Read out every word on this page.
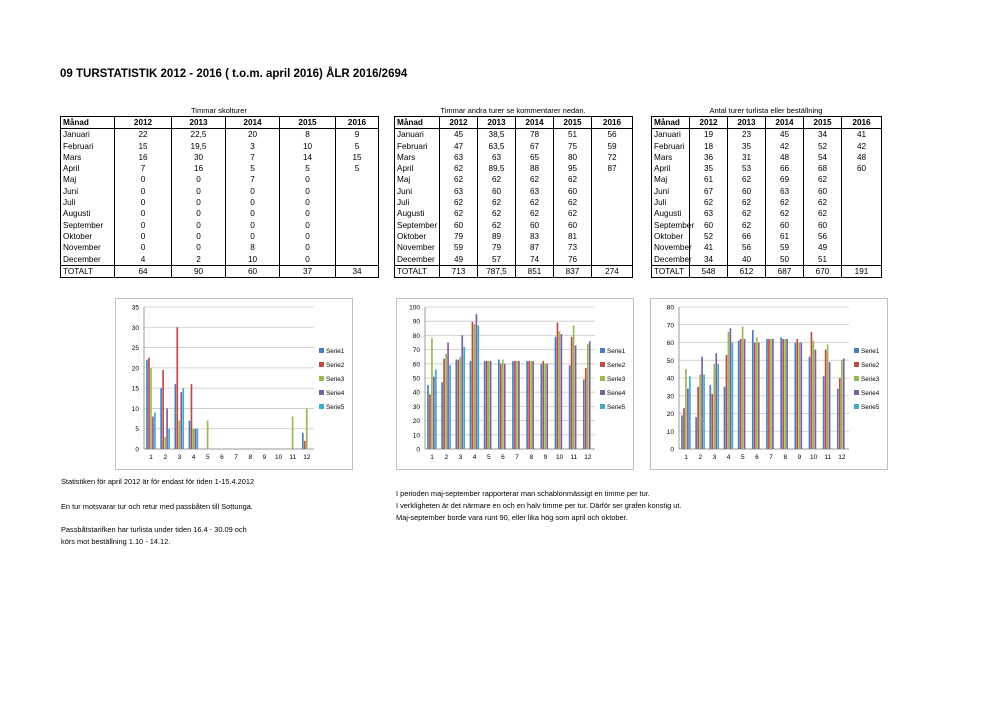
09 TURSTATISTIK 2012 - 2016 ( t.o.m. april 2016) ÅLR 2016/2694
Timmar skolturer	Timmar andra turer se kommentarer nedan.	Antal turer turlista eller beställning
Månad	2012	2013	2014	2015	2016
Januari	22	22,5	20	8	9
Februari	15	19,5	3	10	5
Mars	16	30	7	14	15
April	7	16	5	5	5
Maj	0	0	7	0	
Juni	0	0	0	0	
Juli	0	0	0	0	
Augusti	0	0	0	0	
September	0	0	0	0	
Oktober	0	0	0	0	
November	0	0	8	0	
December	4	2	10	0	
TOTALT	64	90	60	37	34
Månad	2012	2013	2014	2015	2016
Januari	45	38,5	78	51	56
Februari	47	63,5	67	75	59
Mars	63	63	65	80	72
April	62	89,5	88	95	87
Maj	62	62	62	62	
Juni	63	60	63	60	
Juli	62	62	62	62	
Augusti	62	62	62	62	
September	60	62	60	60	
Oktober	79	89	83	81	
November	59	79	87	73	
December	49	57	74	76	
TOTALT	713	787,5	851	837	274
Månad	2012	2013	2014	2015	2016
Januari	19	23	45	34	41
Februari	18	35	42	52	42
Mars	36	31	48	54	48
April	35	53	66	68	60
Maj	61	62	69	62	
Juni	67	60	63	60	
Juli	62	62	62	62	
Augusti	63	62	62	62	
September	60	62	60	60	
Oktober	52	66	61	56	
November	41	56	59	49	
December	34	40	50	51	
TOTALT	548	612	687	670	191
0
5
10
15
20
25
30
35
1 2 3 4 5 6 7 8 9 10 11 12
Serie1
Serie2
Serie3
Serie4
Serie5
0
10
20
30
40
50
60
70
80
90
100
1 2 3 4 5 6 7 8 9 10 11 12
Serie1
Serie2
Serie3
Serie4
Serie5
0
10
20
30
40
50
60
70
80
1 2 3 4 5 6 7 8 9 10 11 12
Serie1
Serie2
Serie3
Serie4
Serie5
Statistiken för april 2012 är för endast för tiden 1-15.4.2012
En tur motsvarar tur och retur med passbåten till Sottunga.
Passbåtstarifken har turlista under tiden 16.4 - 30.09 och
körs mot beställning 1.10 - 14.12.
I perioden maj-september rapporterar man schablonmässigt en timme per tur.
I verkligheten är det närmare en och en halv timme per tur. Därför ser grafen konstig ut.
Maj-september borde vara runt 90, eller lika hög som april och oktober.
